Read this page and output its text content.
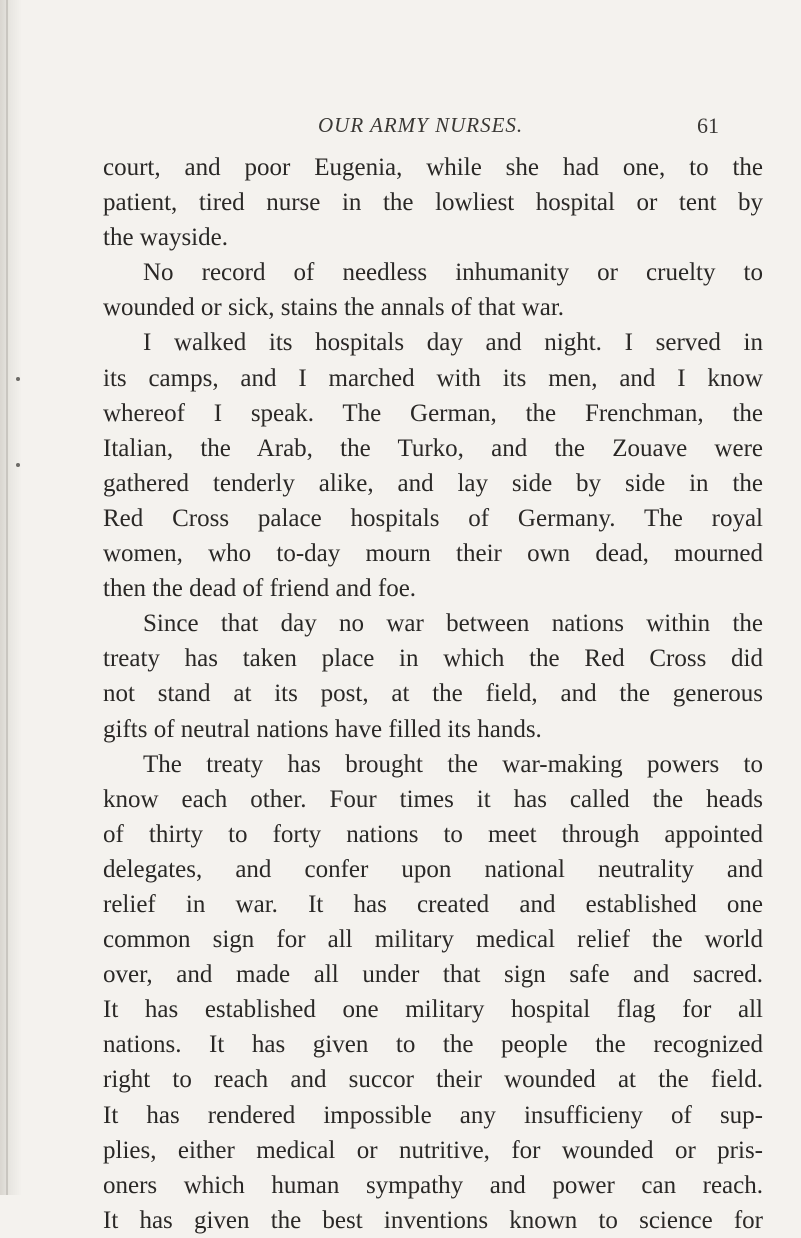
OUR ARMY NURSES.	61
court, and poor Eugenia, while she had one, to the
patient, tired nurse in the lowliest hospital or tent by
the wayside.
No record of needless inhumanity or cruelty to
wounded or sick, stains the annals of that war.
I walked its hospitals day and night. I served in
its camps, and I marched with its men, and I know
whereof I speak. The German, the Frenchman, the
Italian, the Arab, the Turko, and the Zouave were
gathered tenderly alike, and lay side by side in the
Red Cross palace hospitals of Germany. The royal
women, who to-day mourn their own dead, mourned
then the dead of friend and foe.
Since that day no war between nations within the
treaty has taken place in which the Red Cross did
not stand at its post, at the field, and the generous
gifts of neutral nations have filled its hands.
The treaty has brought the war-making powers to
know each other. Four times it has called the heads
of thirty to forty nations to meet through appointed
delegates, and confer upon national neutrality and
relief in war. It has created and established one
common sign for all military medical relief the world
over, and made all under that sign safe and sacred.
It has established one military hospital flag for all
nations. It has given to the people the recognized
right to reach and succor their wounded at the field.
It has rendered impossible any insufficieny of sup-
plies, either medical or nutritive, for wounded or pris-
oners which human sympathy and power can reach.
It has given the best inventions known to science for
